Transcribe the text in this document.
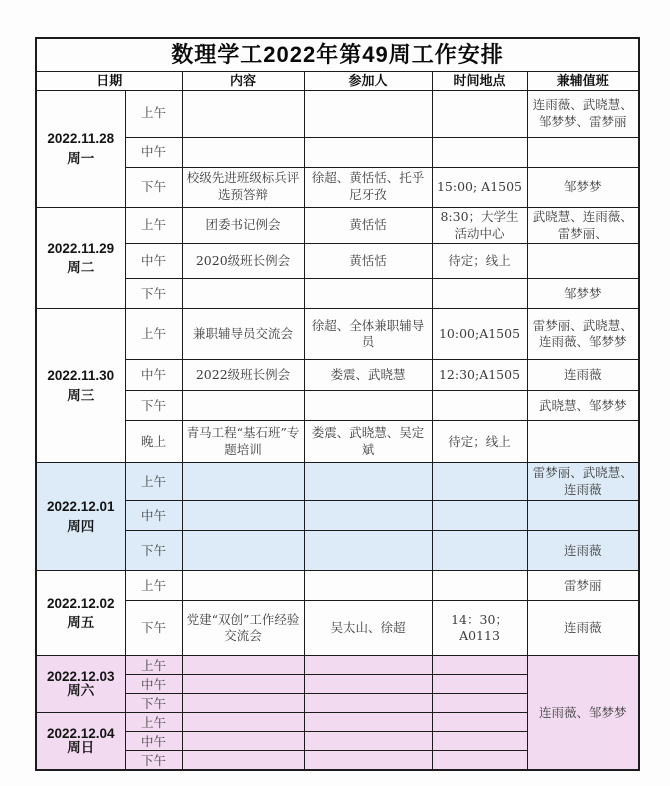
数理学工2022年第49周工作安排					
日期		内容	参加人	时间地点	兼辅值班

2022.11.28
周一	上午				连雨薇、武晓慧、邹梦梦、雷梦丽
	中午				
	下午	校级先进班级标兵评选预答辩	徐超、黄恬恬、托乎尼牙孜	15:00; A1505	邹梦梦

2022.11.29
周二	上午	团委书记例会	黄恬恬	8:30；大学生活动中心	武晓慧、连雨薇、雷梦丽、
	中午	2020级班长例会	黄恬恬	待定；线上	
	下午				邹梦梦

2022.11.30
周三	上午	兼职辅导员交流会	徐超、全体兼职辅导员	10:00;A1505	雷梦丽、武晓慧、连雨薇、邹梦梦
	中午	2022级班长例会	娄震、武晓慧	12:30;A1505	连雨薇
	下午				武晓慧、邹梦梦
	晚上	青马工程“基石班”专题培训	娄震、武晓慧、吴定斌	待定；线上	

2022.12.01
周四	上午				雷梦丽、武晓慧、连雨薇
	中午				
	下午				连雨薇

2022.12.02
周五	上午				雷梦丽
	下午	党建“双创”工作经验交流会	吴太山、徐超	14：30；A0113	连雨薇

2022.12.03
周六	上午				连雨薇、邹梦梦
	中午				
	下午				

2022.12.04
周日	上午				
	中午				
	下午				
